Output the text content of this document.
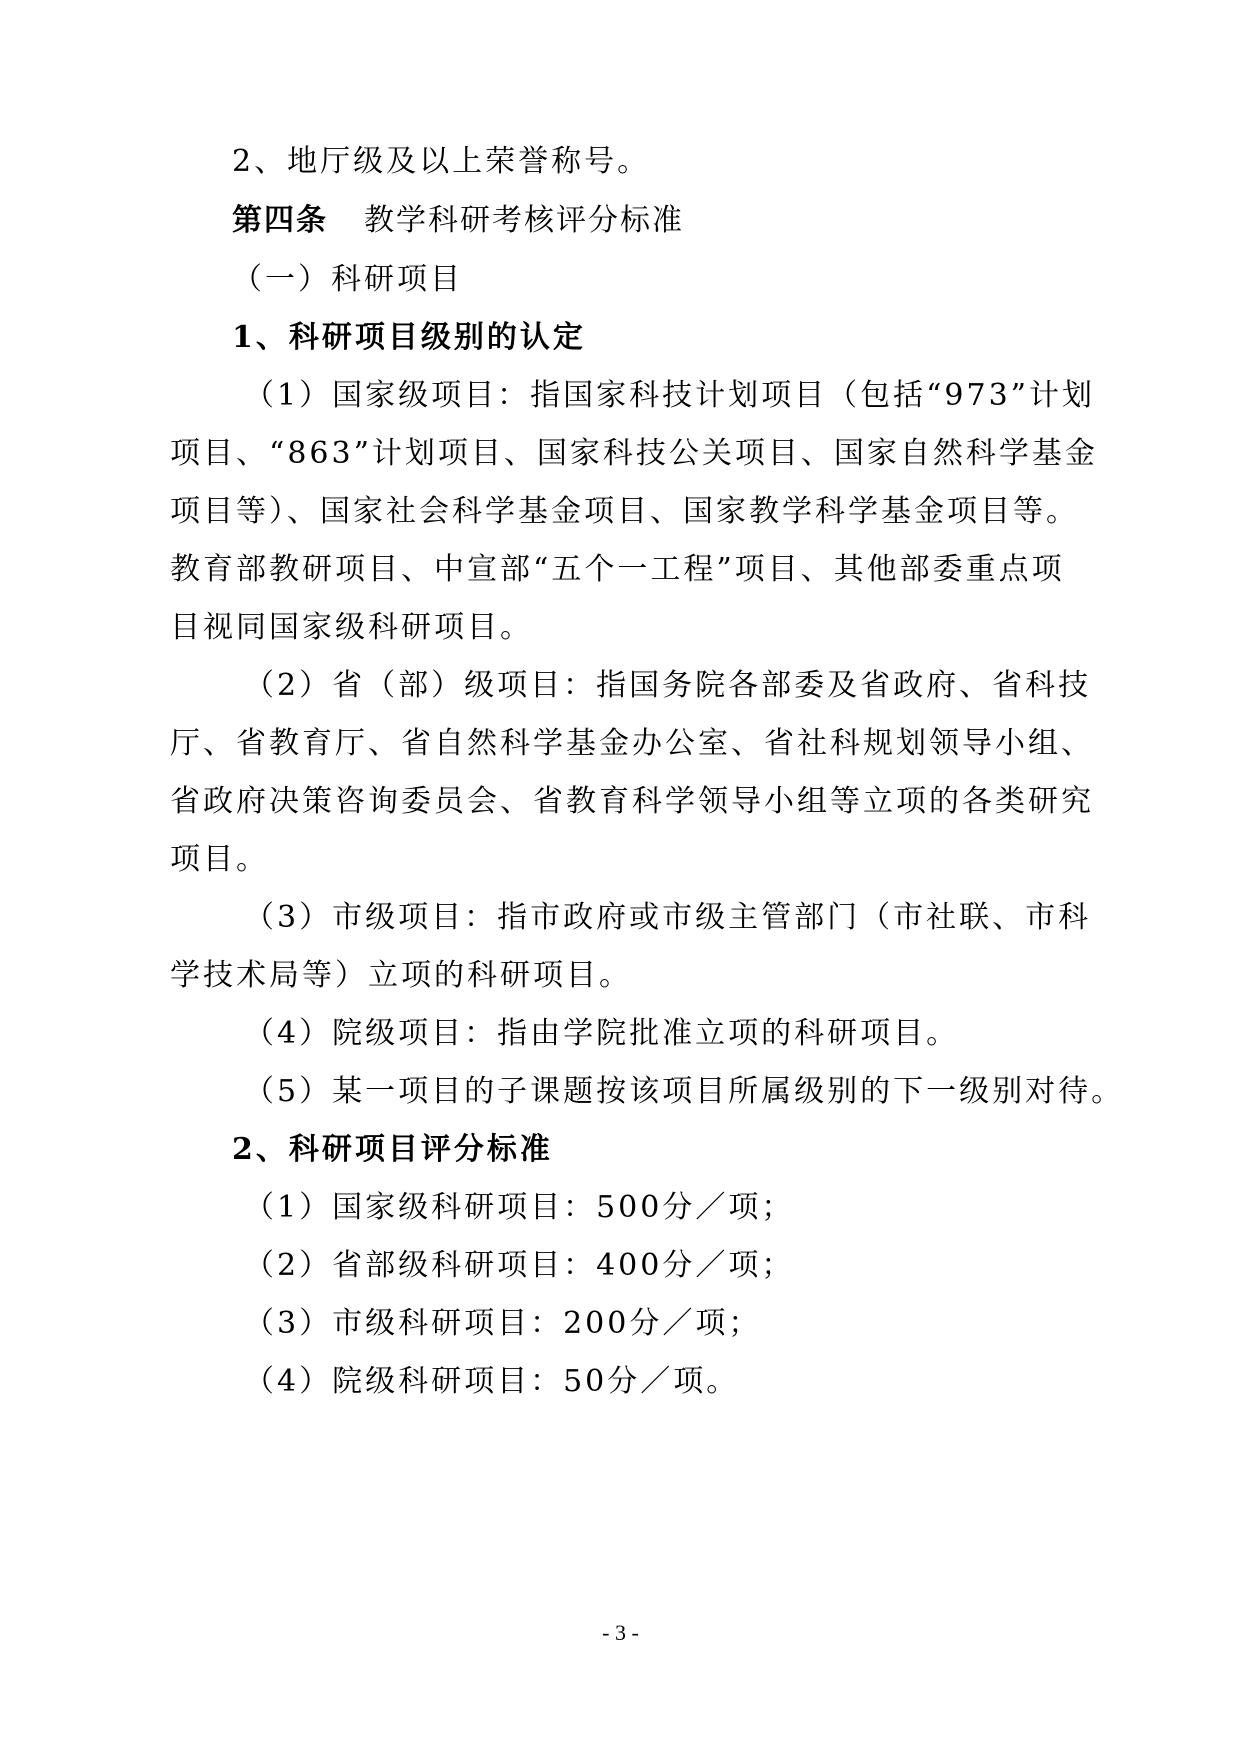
2、地厅级及以上荣誉称号。
第四条 教学科研考核评分标准
（一）科研项目
1、科研项目级别的认定
（1）国家级项目：指国家科技计划项目（包括“973”计划
项目、“863”计划项目、国家科技公关项目、国家自然科学基金
项目等）、国家社会科学基金项目、国家教学科学基金项目等。
教育部教研项目、中宣部“五个一工程”项目、其他部委重点项
目视同国家级科研项目。
（2）省（部）级项目：指国务院各部委及省政府、省科技
厅、省教育厅、省自然科学基金办公室、省社科规划领导小组、
省政府决策咨询委员会、省教育科学领导小组等立项的各类研究
项目。
（3）市级项目：指市政府或市级主管部门（市社联、市科
学技术局等）立项的科研项目。
（4）院级项目：指由学院批准立项的科研项目。
（5）某一项目的子课题按该项目所属级别的下一级别对待。
2、科研项目评分标准
（1）国家级科研项目：500分／项；
（2）省部级科研项目：400分／项；
（3）市级科研项目：200分／项；
（4）院级科研项目：50分／项。
- 3 -
